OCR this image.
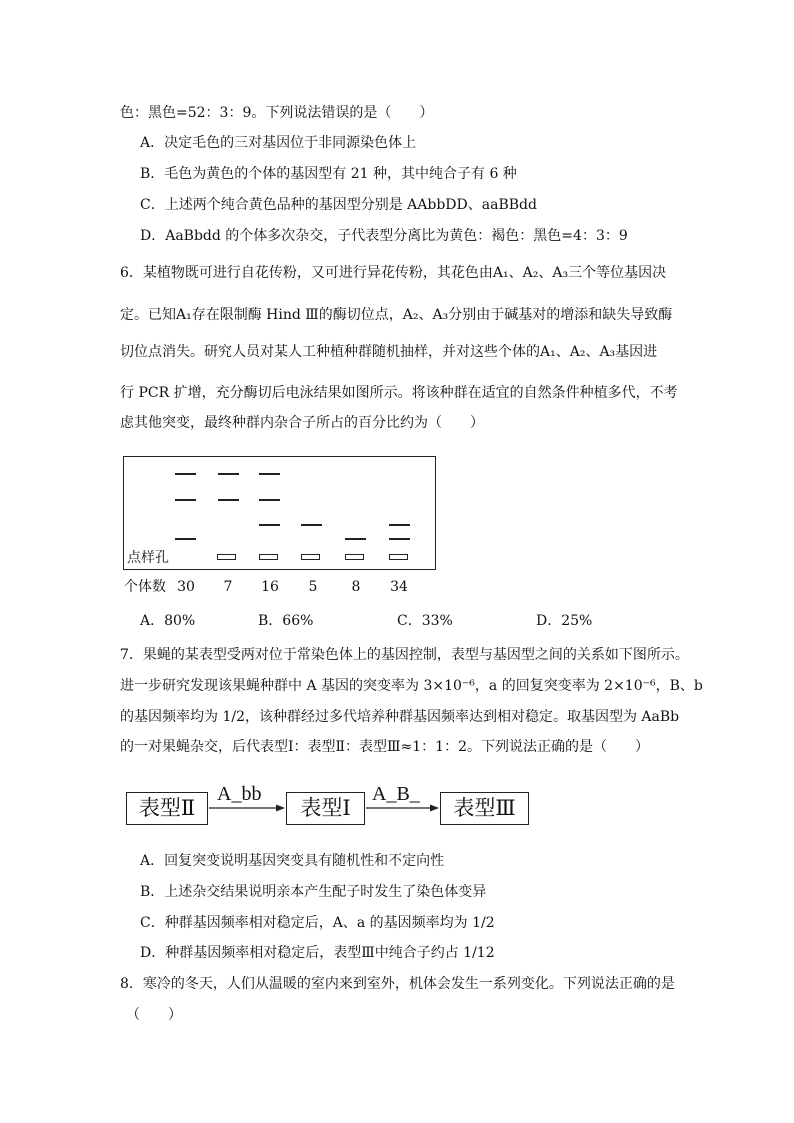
色：黑色=52：3：9。下列说法错误的是（　　）
A．决定毛色的三对基因位于非同源染色体上
B．毛色为黄色的个体的基因型有 21 种，其中纯合子有 6 种
C．上述两个纯合黄色品种的基因型分别是 AAbbDD、aaBBdd
D．AaBbdd 的个体多次杂交，子代表型分离比为黄色：褐色：黑色=4：3：9
6．某植物既可进行自花传粉，又可进行异花传粉，其花色由A₁、A₂、A₃三个等位基因决
定。已知A₁存在限制酶 Hind Ⅲ的酶切位点，A₂、A₃分别由于碱基对的增添和缺失导致酶
切位点消失。研究人员对某人工种植种群随机抽样，并对这些个体的A₁、A₂、A₃基因进
行 PCR 扩增，充分酶切后电泳结果如图所示。将该种群在适宜的自然条件种植多代，不考
虑其他突变，最终种群内杂合子所占的百分比约为（　　）
点样孔
个体数 30 7 16 5 8 34
A．80%	B．66%	C．33%	D．25%
7．果蝇的某表型受两对位于常染色体上的基因控制，表型与基因型之间的关系如下图所示。
进一步研究发现该果蝇种群中 A 基因的突变率为 3×10⁻⁶，a 的回复突变率为 2×10⁻⁶，B、b
的基因频率均为 1/2，该种群经过多代培养种群基因频率达到相对稳定。取基因型为 AaBb
的一对果蝇杂交，后代表型Ⅰ：表型Ⅱ：表型Ⅲ≈1：1：2。下列说法正确的是（　　）
表型Ⅱ
A_bb
表型Ⅰ
A_B_
表型Ⅲ
A．回复突变说明基因突变具有随机性和不定向性
B．上述杂交结果说明亲本产生配子时发生了染色体变异
C．种群基因频率相对稳定后，A、a 的基因频率均为 1/2
D．种群基因频率相对稳定后，表型Ⅲ中纯合子约占 1/12
8．寒冷的冬天，人们从温暖的室内来到室外，机体会发生一系列变化。下列说法正确的是
（　　）
